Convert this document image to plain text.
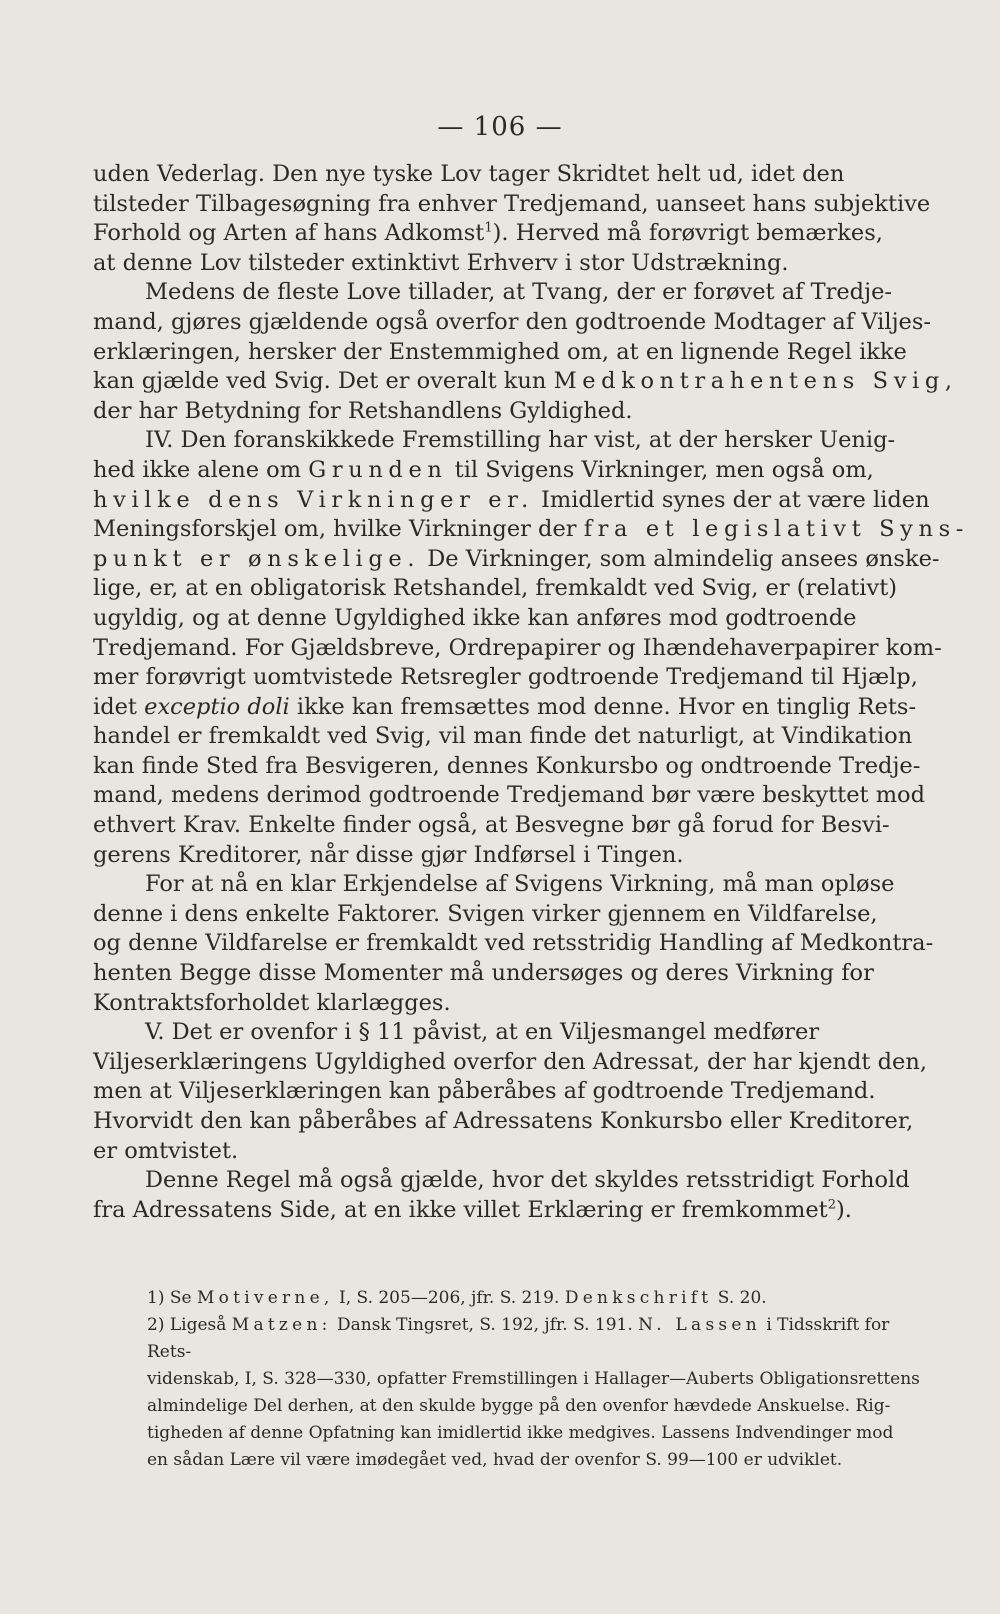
— 106 —
uden Vederlag. Den nye tyske Lov tager Skridtet helt ud, idet den
tilsteder Tilbagesøgning fra enhver Tredjemand, uanseet hans subjektive
Forhold og Arten af hans Adkomst$^1$). Herved må forøvrigt bemærkes,
at denne Lov tilsteder extinktivt Erhverv i stor Udstrækning.
Medens de fleste Love tillader, at Tvang, der er forøvet af Tredje-
mand, gjøres gjældende også overfor den godtroende Modtager af Viljes-
erklæringen, hersker der Enstemmighed om, at en lignende Regel ikke
kan gjælde ved Svig. Det er overalt kun Medkontrahentens Svig,
der har Betydning for Retshandlens Gyldighed.
IV. Den foranskikkede Fremstilling har vist, at der hersker Uenig-
hed ikke alene om Grunden til Svigens Virkninger, men også om,
hvilke dens Virkninger er. Imidlertid synes der at være liden
Meningsforskjel om, hvilke Virkninger der fra et legislativt Syns-
punkt er ønskelige. De Virkninger, som almindelig ansees ønske-
lige, er, at en obligatorisk Retshandel, fremkaldt ved Svig, er (relativt)
ugyldig, og at denne Ugyldighed ikke kan anføres mod godtroende
Tredjemand. For Gjældsbreve, Ordrepapirer og Ihændehaverpapirer kom-
mer forøvrigt uomtvistede Retsregler godtroende Tredjemand til Hjælp,
idet exceptio doli ikke kan fremsættes mod denne. Hvor en tinglig Rets-
handel er fremkaldt ved Svig, vil man finde det naturligt, at Vindikation
kan finde Sted fra Besvigeren, dennes Konkursbo og ondtroende Tredje-
mand, medens derimod godtroende Tredjemand bør være beskyttet mod
ethvert Krav. Enkelte finder også, at Besvegne bør gå forud for Besvi-
gerens Kreditorer, når disse gjør Indførsel i Tingen.
For at nå en klar Erkjendelse af Svigens Virkning, må man opløse
denne i dens enkelte Faktorer. Svigen virker gjennem en Vildfarelse,
og denne Vildfarelse er fremkaldt ved retsstridig Handling af Medkontra-
henten Begge disse Momenter må undersøges og deres Virkning for
Kontraktsforholdet klarlægges.
V. Det er ovenfor i § 11 påvist, at en Viljesmangel medfører
Viljeserklæringens Ugyldighed overfor den Adressat, der har kjendt den,
men at Viljeserklæringen kan påberåbes af godtroende Tredjemand.
Hvorvidt den kan påberåbes af Adressatens Konkursbo eller Kreditorer,
er omtvistet.
Denne Regel må også gjælde, hvor det skyldes retsstridigt Forhold
fra Adressatens Side, at en ikke villet Erklæring er fremkommet$^2$).
1) Se Motiverne, I, S. 205—206, jfr. S. 219. Denkschrift S. 20.
2) Ligeså Matzen: Dansk Tingsret, S. 192, jfr. S. 191. N. Lassen i Tidsskrift for Rets-
videnskab, I, S. 328—330, opfatter Fremstillingen i Hallager—Auberts Obligationsrettens
almindelige Del derhen, at den skulde bygge på den ovenfor hævdede Anskuelse. Rig-
tigheden af denne Opfatning kan imidlertid ikke medgives. Lassens Indvendinger mod
en sådan Lære vil være imødegået ved, hvad der ovenfor S. 99—100 er udviklet.
